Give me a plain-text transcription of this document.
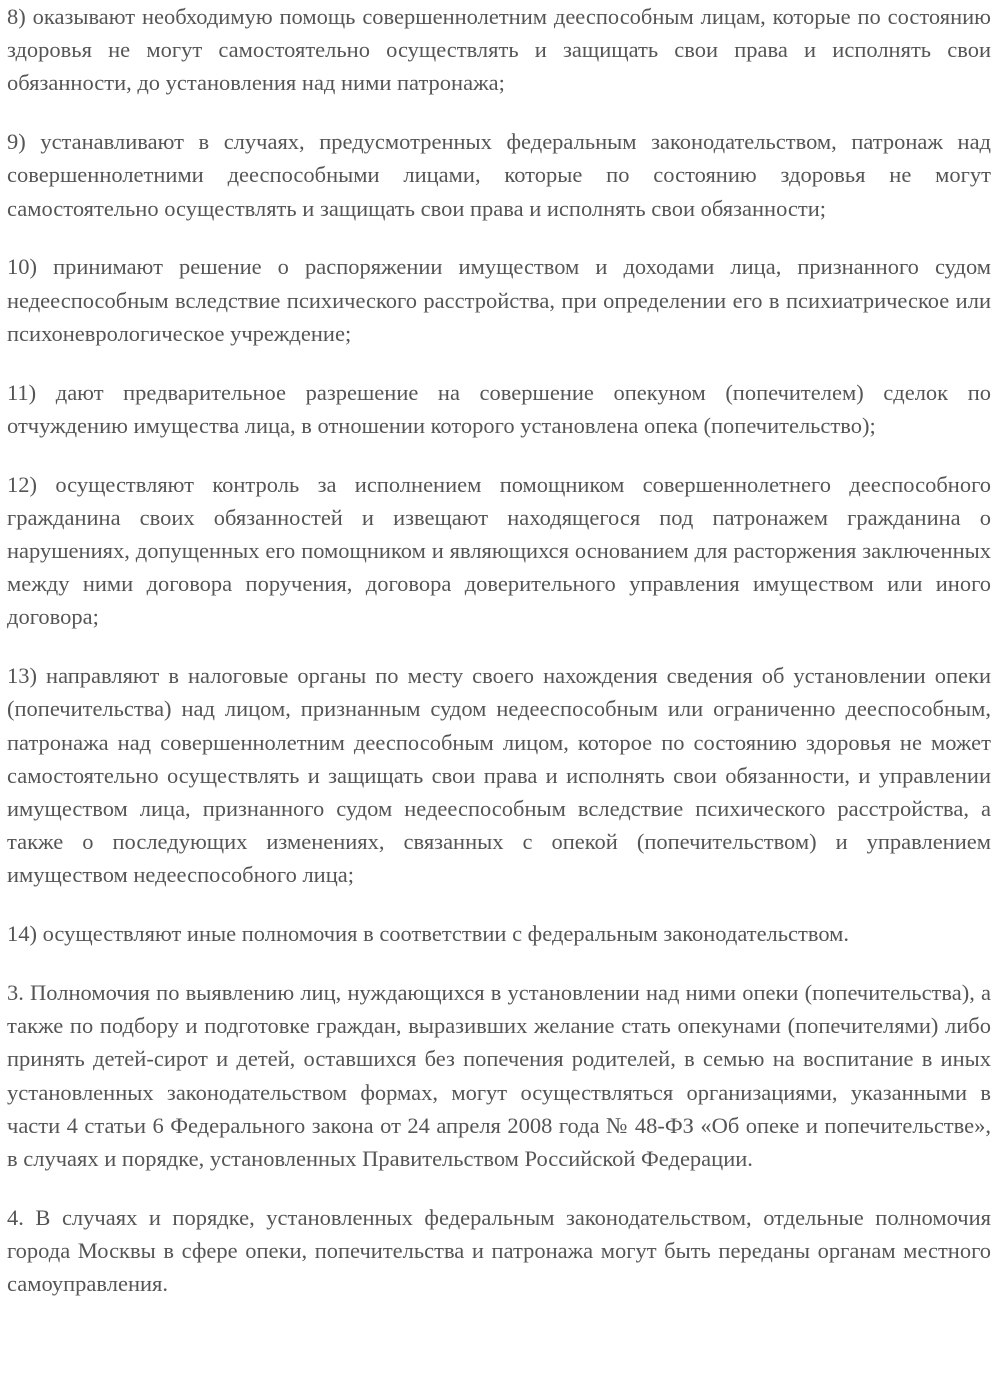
8) оказывают необходимую помощь совершеннолетним дееспособным лицам, которые по состоянию здоровья не могут самостоятельно осуществлять и защищать свои права и исполнять свои обязанности, до установления над ними патронажа;

9) устанавливают в случаях, предусмотренных федеральным законодательством, патронаж над совершеннолетними дееспособными лицами, которые по состоянию здоровья не могут самостоятельно осуществлять и защищать свои права и исполнять свои обязанности;

10) принимают решение о распоряжении имуществом и доходами лица, признанного судом недееспособным вследствие психического расстройства, при определении его в психиатрическое или психоневрологическое учреждение;

11) дают предварительное разрешение на совершение опекуном (попечителем) сделок по отчуждению имущества лица, в отношении которого установлена опека (попечительство);

12) осуществляют контроль за исполнением помощником совершеннолетнего дееспособного гражданина своих обязанностей и извещают находящегося под патронажем гражданина о нарушениях, допущенных его помощником и являющихся основанием для расторжения заключенных между ними договора поручения, договора доверительного управления имуществом или иного договора;

13) направляют в налоговые органы по месту своего нахождения сведения об установлении опеки (попечительства) над лицом, признанным судом недееспособным или ограниченно дееспособным, патронажа над совершеннолетним дееспособным лицом, которое по состоянию здоровья не может самостоятельно осуществлять и защищать свои права и исполнять свои обязанности, и управлении имуществом лица, признанного судом недееспособным вследствие психического расстройства, а также о последующих изменениях, связанных с опекой (попечительством) и управлением имуществом недееспособного лица;

14) осуществляют иные полномочия в соответствии с федеральным законодательством.

3. Полномочия по выявлению лиц, нуждающихся в установлении над ними опеки (попечительства), а также по подбору и подготовке граждан, выразивших желание стать опекунами (попечителями) либо принять детей-сирот и детей, оставшихся без попечения родителей, в семью на воспитание в иных установленных законодательством формах, могут осуществляться организациями, указанными в части 4 статьи 6 Федерального закона от 24 апреля 2008 года № 48-ФЗ «Об опеке и попечительстве», в случаях и порядке, установленных Правительством Российской Федерации.

4. В случаях и порядке, установленных федеральным законодательством, отдельные полномочия города Москвы в сфере опеки, попечительства и патронажа могут быть переданы органам местного самоуправления.
